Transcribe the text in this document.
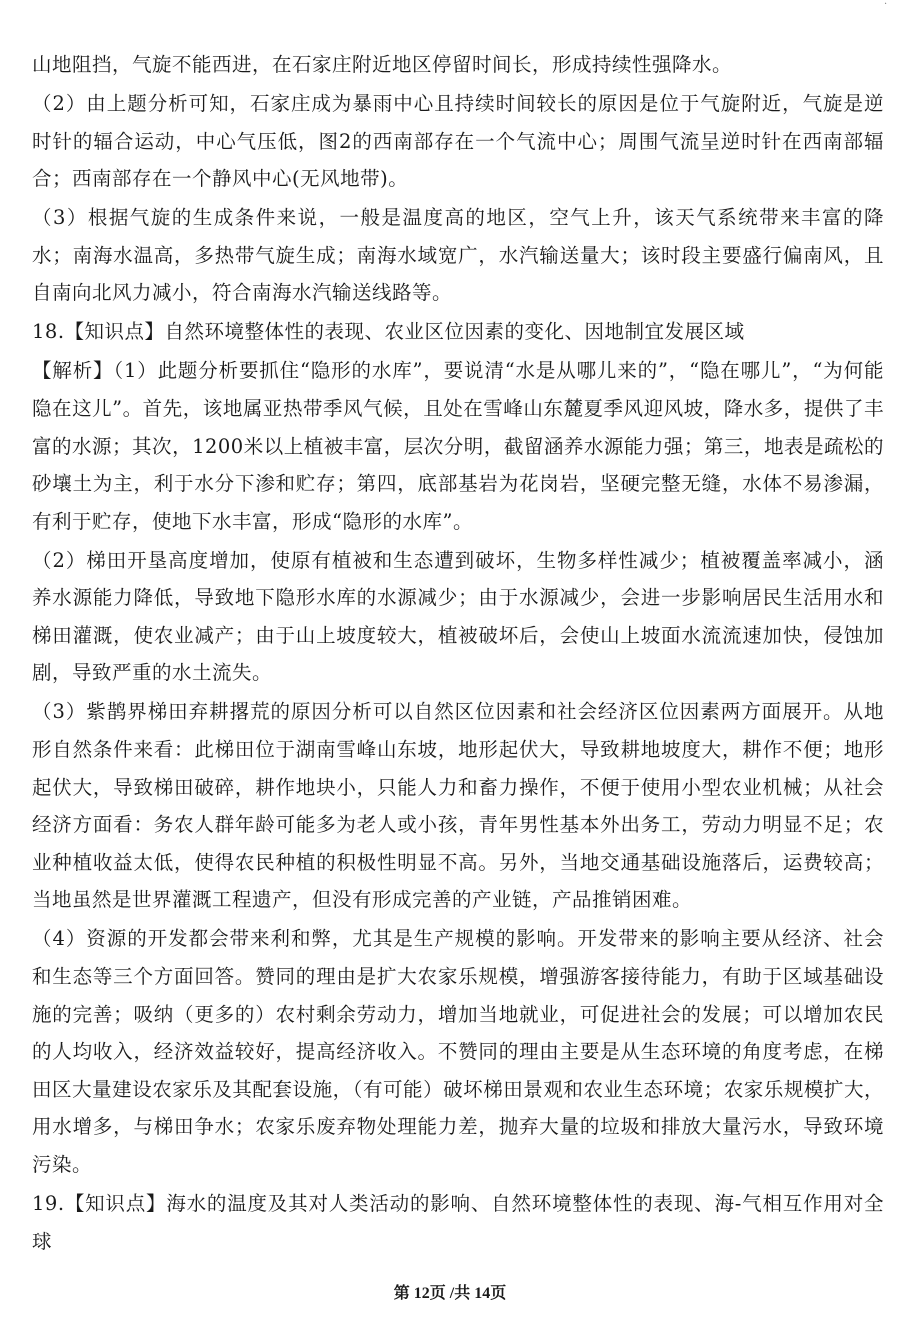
·

山地阻挡，气旋不能西进，在石家庄附近地区停留时间长，形成持续性强降水。

（2）由上题分析可知，石家庄成为暴雨中心且持续时间较长的原因是位于气旋附近，气旋是逆时针的辐合运动，中心气压低，图2的西南部存在一个气流中心；周围气流呈逆时针在西南部辐合；西南部存在一个静风中心(无风地带)。

（3）根据气旋的生成条件来说，一般是温度高的地区，空气上升，该天气系统带来丰富的降水；南海水温高，多热带气旋生成；南海水域宽广，水汽输送量大；该时段主要盛行偏南风，且自南向北风力减小，符合南海水汽输送线路等。

18.【知识点】自然环境整体性的表现、农业区位因素的变化、因地制宜发展区域

【解析】（1）此题分析要抓住“隐形的水库”，要说清“水是从哪儿来的”，“隐在哪儿”，“为何能隐在这儿”。首先，该地属亚热带季风气候，且处在雪峰山东麓夏季风迎风坡，降水多，提供了丰富的水源；其次，1200米以上植被丰富，层次分明，截留涵养水源能力强；第三，地表是疏松的砂壤土为主，利于水分下渗和贮存；第四，底部基岩为花岗岩，坚硬完整无缝，水体不易渗漏，有利于贮存，使地下水丰富，形成“隐形的水库”。

（2）梯田开垦高度增加，使原有植被和生态遭到破坏，生物多样性减少；植被覆盖率减小，涵养水源能力降低，导致地下隐形水库的水源减少；由于水源减少，会进一步影响居民生活用水和梯田灌溉，使农业减产；由于山上坡度较大，植被破坏后，会使山上坡面水流流速加快，侵蚀加剧，导致严重的水土流失。

（3）紫鹊界梯田弃耕撂荒的原因分析可以自然区位因素和社会经济区位因素两方面展开。从地形自然条件来看：此梯田位于湖南雪峰山东坡，地形起伏大，导致耕地坡度大，耕作不便；地形起伏大，导致梯田破碎，耕作地块小，只能人力和畜力操作，不便于使用小型农业机械；从社会经济方面看：务农人群年龄可能多为老人或小孩，青年男性基本外出务工，劳动力明显不足；农业种植收益太低，使得农民种植的积极性明显不高。另外，当地交通基础设施落后，运费较高；当地虽然是世界灌溉工程遗产，但没有形成完善的产业链，产品推销困难。

（4）资源的开发都会带来利和弊，尤其是生产规模的影响。开发带来的影响主要从经济、社会和生态等三个方面回答。赞同的理由是扩大农家乐规模，增强游客接待能力，有助于区域基础设施的完善；吸纳（更多的）农村剩余劳动力，增加当地就业，可促进社会的发展；可以增加农民的人均收入，经济效益较好，提高经济收入。不赞同的理由主要是从生态环境的角度考虑，在梯田区大量建设农家乐及其配套设施，（有可能）破坏梯田景观和农业生态环境；农家乐规模扩大，用水增多，与梯田争水；农家乐废弃物处理能力差，抛弃大量的垃圾和排放大量污水，导致环境污染。

19.【知识点】海水的温度及其对人类活动的影响、自然环境整体性的表现、海-气相互作用对全球

第 12页 /共 14页
